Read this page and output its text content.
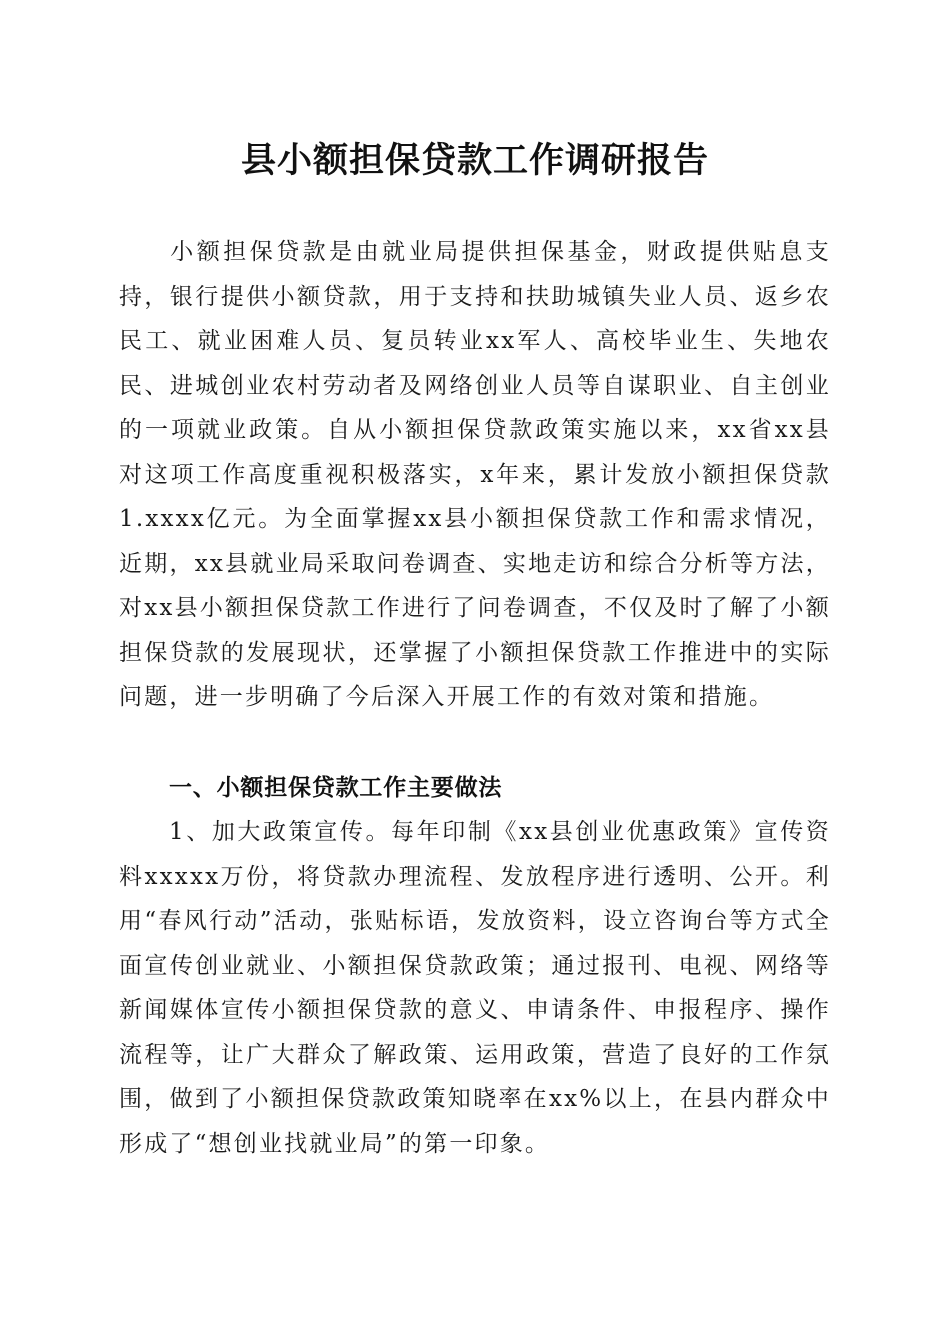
县小额担保贷款工作调研报告

小额担保贷款是由就业局提供担保基金，财政提供贴息支持，银行提供小额贷款，用于支持和扶助城镇失业人员、返乡农民工、就业困难人员、复员转业xx军人、高校毕业生、失地农民、进城创业农村劳动者及网络创业人员等自谋职业、自主创业的一项就业政策。自从小额担保贷款政策实施以来，xx省xx县对这项工作高度重视积极落实，x年来，累计发放小额担保贷款1.xxxx亿元。为全面掌握xx县小额担保贷款工作和需求情况，近期，xx县就业局采取问卷调查、实地走访和综合分析等方法，对xx县小额担保贷款工作进行了问卷调查，不仅及时了解了小额担保贷款的发展现状，还掌握了小额担保贷款工作推进中的实际问题，进一步明确了今后深入开展工作的有效对策和措施。

一、小额担保贷款工作主要做法

1、加大政策宣传。每年印制《xx县创业优惠政策》宣传资料xxxxx万份，将贷款办理流程、发放程序进行透明、公开。利用“春风行动”活动，张贴标语，发放资料，设立咨询台等方式全面宣传创业就业、小额担保贷款政策；通过报刊、电视、网络等新闻媒体宣传小额担保贷款的意义、申请条件、申报程序、操作流程等，让广大群众了解政策、运用政策，营造了良好的工作氛围，做到了小额担保贷款政策知晓率在xx%以上，在县内群众中形成了“想创业找就业局”的第一印象。
